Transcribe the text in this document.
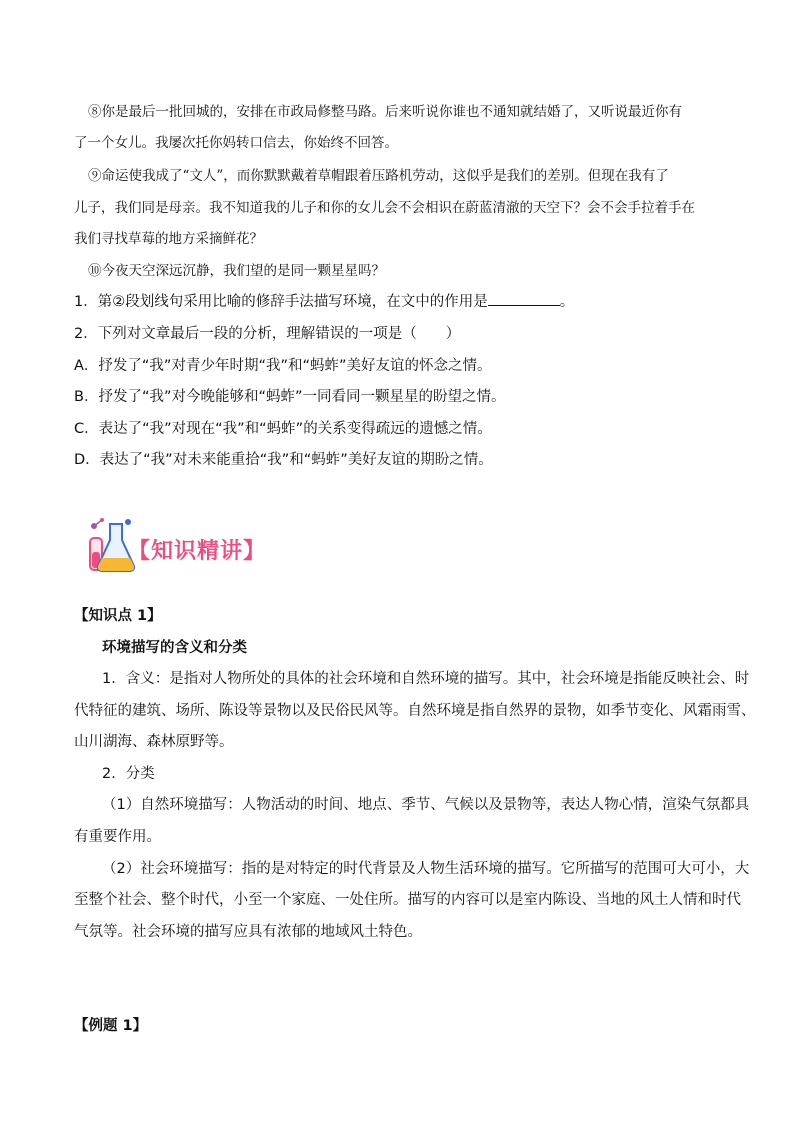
⑧你是最后一批回城的，安排在市政局修整马路。后来听说你谁也不通知就结婚了，又听说最近你有
了一个女儿。我屡次托你妈转口信去，你始终不回答。
⑨命运使我成了“文人”，而你默默戴着草帽跟着压路机劳动，这似乎是我们的差别。但现在我有了
儿子，我们同是母亲。我不知道我的儿子和你的女儿会不会相识在蔚蓝清澈的天空下？会不会手拉着手在
我们寻找草莓的地方采摘鲜花？
⑩今夜天空深远沉静，我们望的是同一颗星星吗？
1．第②段划线句采用比喻的修辞手法描写环境，在文中的作用是	。
2．下列对文章最后一段的分析，理解错误的一项是（　　）
A．抒发了“我”对青少年时期“我”和“蚂蚱”美好友谊的怀念之情。
B．抒发了“我”对今晚能够和“蚂蚱”一同看同一颗星星的盼望之情。
C．表达了“我”对现在“我”和“蚂蚱”的关系变得疏远的遗憾之情。
D．表达了“我”对未来能重拾“我”和“蚂蚱”美好友谊的期盼之情。
【知识精讲】
【知识点 1】
环境描写的含义和分类
1．含义：是指对人物所处的具体的社会环境和自然环境的描写。其中，社会环境是指能反映社会、时
代特征的建筑、场所、陈设等景物以及民俗民风等。自然环境是指自然界的景物，如季节变化、风霜雨雪、
山川湖海、森林原野等。
2．分类
（1）自然环境描写：人物活动的时间、地点、季节、气候以及景物等，表达人物心情，渲染气氛都具
有重要作用。
（2）社会环境描写：指的是对特定的时代背景及人物生活环境的描写。它所描写的范围可大可小，大
至整个社会、整个时代，小至一个家庭、一处住所。描写的内容可以是室内陈设、当地的风土人情和时代
气氛等。社会环境的描写应具有浓郁的地域风土特色。
【例题 1】
